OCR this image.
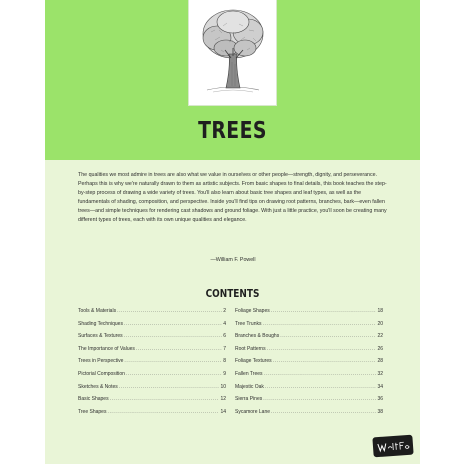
TREES

The qualities we most admire in trees are also what we value in ourselves or other people—strength, dignity, and perseverance. Perhaps this is why we're naturally drawn to them as artistic subjects. From basic shapes to final details, this book teaches the step-by-step process of drawing a wide variety of trees. You'll also learn about basic tree shapes and leaf types, as well as the fundamentals of shading, composition, and perspective. Inside you'll find tips on drawing root patterns, branches, bark—even fallen trees—and simple techniques for rendering cast shadows and ground foliage. With just a little practice, you'll soon be creating many different types of trees, each with its own unique qualities and elegance.

—William F. Powell
CONTENTS
Tools & Materials .....	2
Shading Techniques .....	4
Surfaces & Textures .....	6
The Importance of Values .....	7
Trees in Perspective .....	8
Pictorial Composition .....	9
Sketches & Notes .....	10
Basic Shapes .....	12
Tree Shapes .....	14
Foliage Shapes .....	18
Tree Trunks .....	20
Branches & Boughs .....	22
Root Patterns .....	26
Foliage Textures .....	28
Fallen Trees .....	32
Majestic Oak .....	34
Sierra Pines .....	36
Sycamore Lane .....	38
